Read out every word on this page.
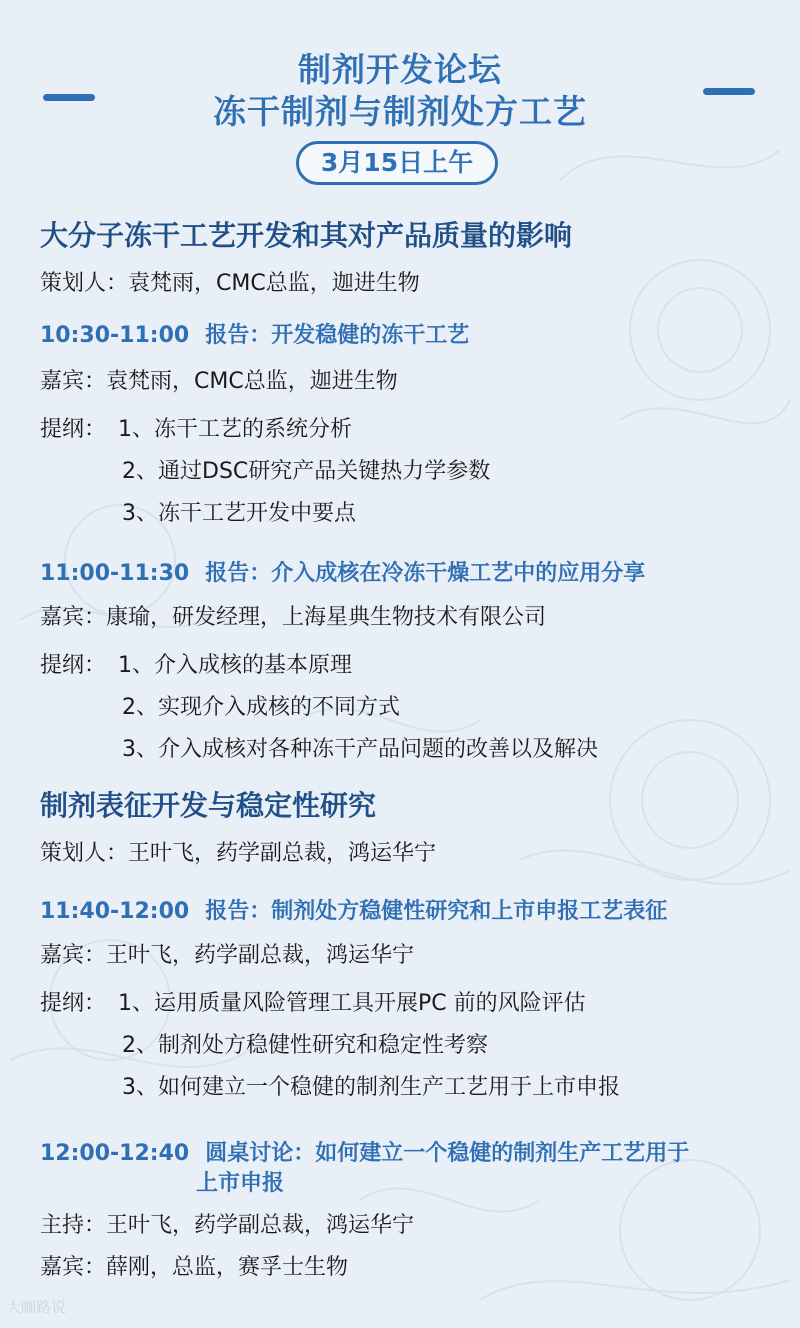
制剂开发论坛
冻干制剂与制剂处方工艺
3月15日上午
大分子冻干工艺开发和其对产品质量的影响
策划人：袁梵雨，CMC总监，迦进生物
10:30-11:00 报告：开发稳健的冻干工艺
嘉宾：袁梵雨，CMC总监，迦进生物
提纲： 1、冻干工艺的系统分析
2、通过DSC研究产品关键热力学参数
3、冻干工艺开发中要点
11:00-11:30 报告：介入成核在冷冻干燥工艺中的应用分享
嘉宾：康瑜，研发经理，上海星典生物技术有限公司
提纲： 1、介入成核的基本原理
2、实现介入成核的不同方式
3、介入成核对各种冻干产品问题的改善以及解决
制剂表征开发与稳定性研究
策划人：王叶飞，药学副总裁，鸿运华宁
11:40-12:00 报告：制剂处方稳健性研究和上市申报工艺表征
嘉宾：王叶飞，药学副总裁，鸿运华宁
提纲： 1、运用质量风险管理工具开展PC 前的风险评估
2、制剂处方稳健性研究和稳定性考察
3、如何建立一个稳健的制剂生产工艺用于上市申报
12:00-12:40 圆桌讨论：如何建立一个稳健的制剂生产工艺用于
上市申报
主持：王叶飞，药学副总裁，鸿运华宁
嘉宾：薛刚，总监，赛孚士生物
大咖路说
